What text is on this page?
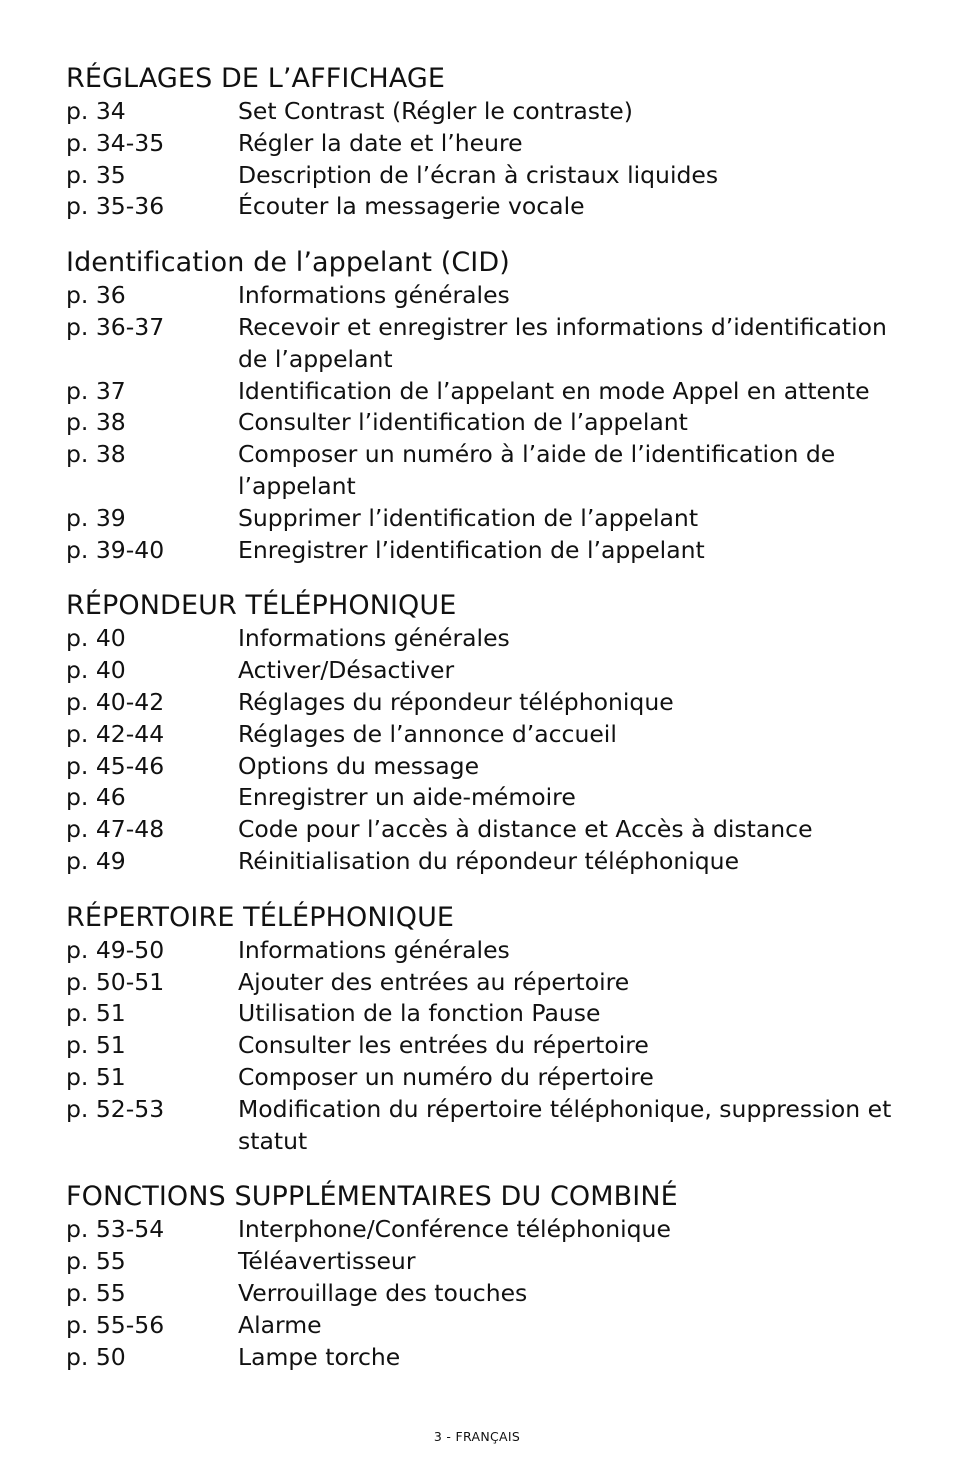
RÉGLAGES DE L’AFFICHAGE
p. 34	Set Contrast (Régler le contraste)
p. 34-35	Régler la date et l’heure
p. 35	Description de l’écran à cristaux liquides
p. 35-36	Écouter la messagerie vocale
Identification de l’appelant (CID)
p. 36	Informations générales
p. 36-37	Recevoir et enregistrer les informations d’identification de l’appelant
p. 37	Identification de l’appelant en mode Appel en attente
p. 38	Consulter l’identification de l’appelant
p. 38	Composer un numéro à l’aide de l’identification de l’appelant
p. 39	Supprimer l’identification de l’appelant
p. 39-40	Enregistrer l’identification de l’appelant
RÉPONDEUR TÉLÉPHONIQUE
p. 40	Informations générales
p. 40	Activer/Désactiver
p. 40-42	Réglages du répondeur téléphonique
p. 42-44	Réglages de l’annonce d’accueil
p. 45-46	Options du message
p. 46	Enregistrer un aide-mémoire
p. 47-48	Code pour l’accès à distance et Accès à distance
p. 49	Réinitialisation du répondeur téléphonique
RÉPERTOIRE TÉLÉPHONIQUE
p. 49-50	Informations générales
p. 50-51	Ajouter des entrées au répertoire
p. 51	Utilisation de la fonction Pause
p. 51	Consulter les entrées du répertoire
p. 51	Composer un numéro du répertoire
p. 52-53	Modification du répertoire téléphonique, suppression et statut
FONCTIONS SUPPLÉMENTAIRES DU COMBINÉ
p. 53-54	Interphone/Conférence téléphonique
p. 55	Téléavertisseur
p. 55	Verrouillage des touches
p. 55-56	Alarme
p. 50	Lampe torche
3 - FRANÇAIS
